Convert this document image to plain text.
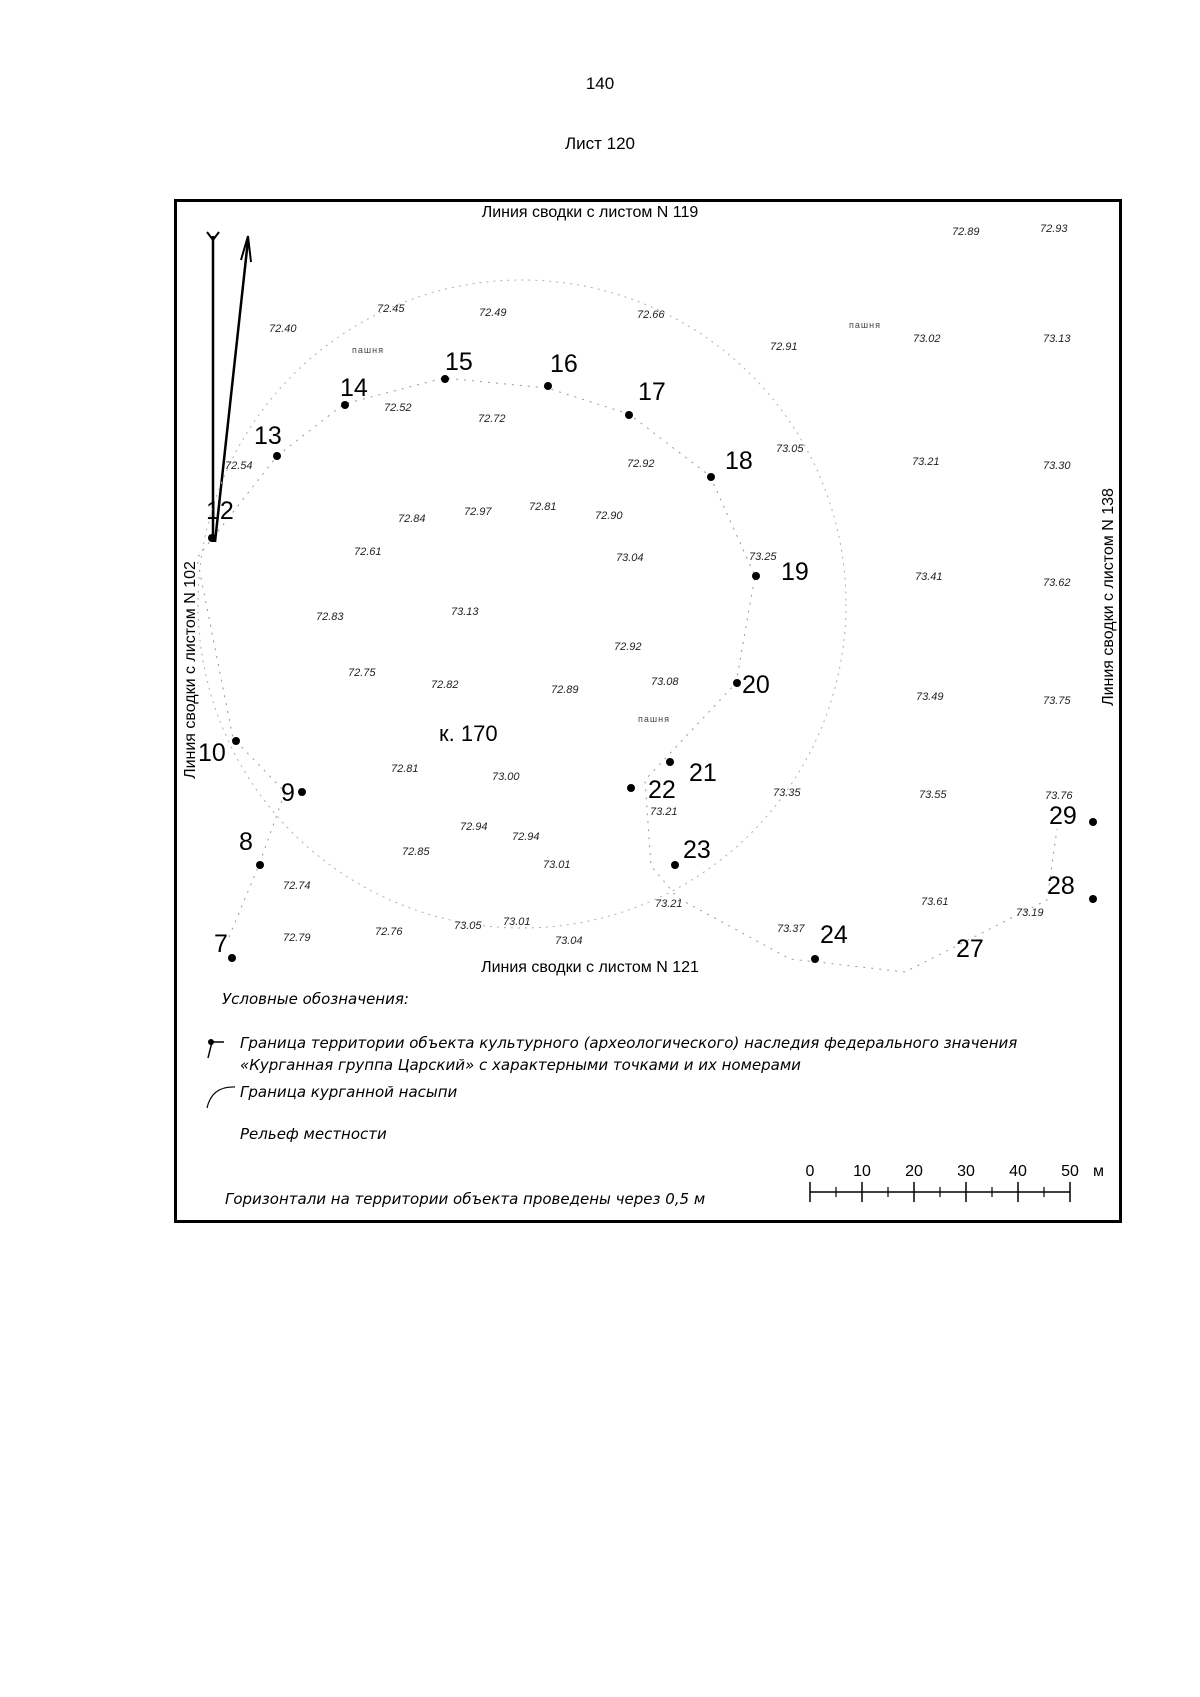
140
Лист 120
Линия сводки с листом N 119
Линия сводки с листом N 121
Линия сводки с листом N 102	Линия сводки с листом N 138
7
8
9
10
12
13
14
15	16
17
18
19
20
21
22
23
24	27
28
29
к. 170
пашня
пашня
пашня
72.89	72.93
72.45	72.49	72.66
72.40
72.91
73.02	73.13
72.52
72.72
73.05
72.54	72.92	73.21	73.30
72.84
72.97	72.81
72.90
72.61	73.04	73.25
73.41	73.62
72.83	73.13
72.92
72.75
72.82	72.89
73.08
73.49	73.75
72.81
73.00
73.35
73.21
73.55	73.76
72.94
72.94
72.85
73.01
72.74
73.21	73.61
73.19
72.79	72.76	73.05 73.01
73.04
73.37
Условные обозначения:
Граница территории объекта культурного (археологического) наследия федерального значения
«Курганная группа Царский» с характерными точками и их номерами
Граница курганной насыпи
Рельеф местности
Горизонтали на территории объекта проведены через 0,5 м
0 10 20 30 40 50 м
